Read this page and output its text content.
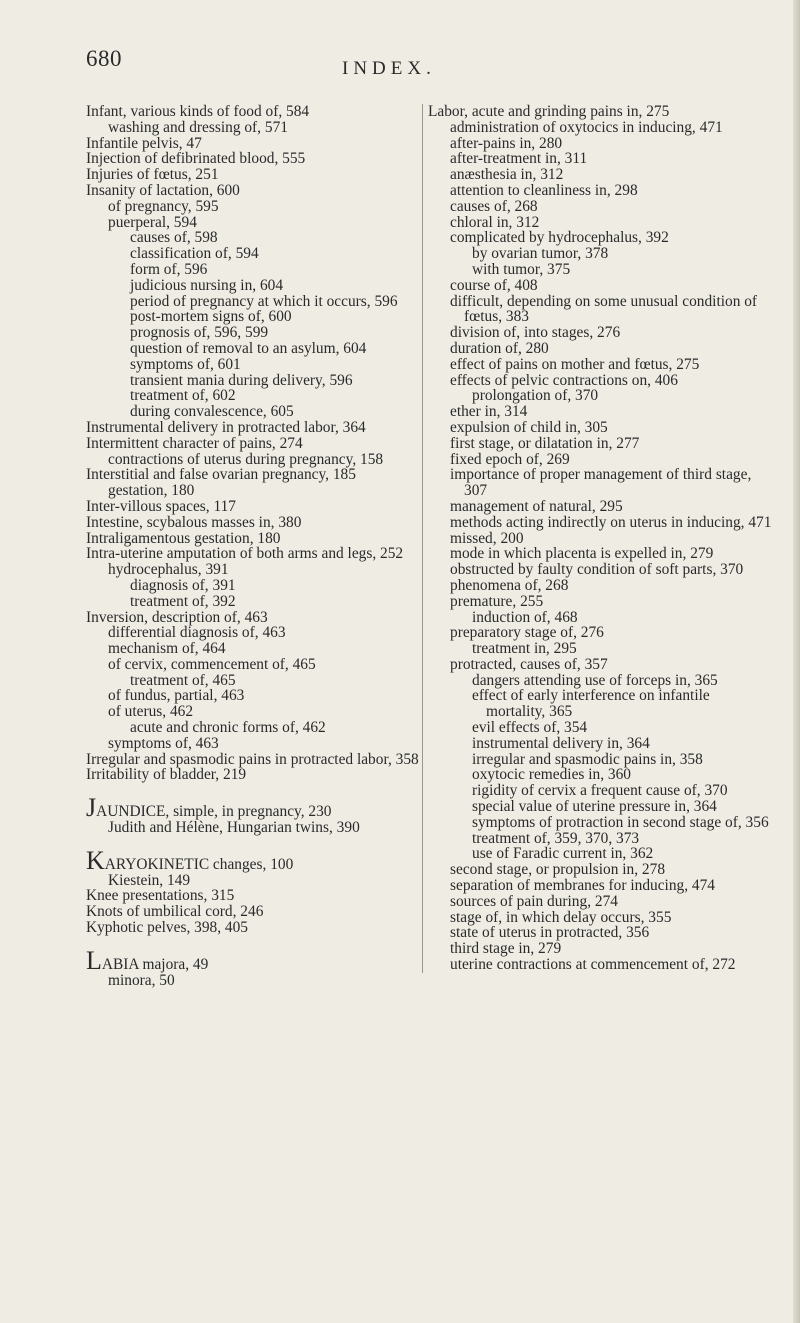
680	INDEX.

Infant, various kinds of food of, 584

washing and dressing of, 571

Infantile pelvis, 47

Injection of defibrinated blood, 555

Injuries of fœtus, 251

Insanity of lactation, 600

of pregnancy, 595

puerperal, 594

causes of, 598

classification of, 594

form of, 596

judicious nursing in, 604

period of pregnancy at which it occurs, 596

post-mortem signs of, 600

prognosis of, 596, 599

question of removal to an asylum, 604

symptoms of, 601

transient mania during delivery, 596

treatment of, 602

during convalescence, 605

Instrumental delivery in protracted labor, 364

Intermittent character of pains, 274

contractions of uterus during pregnancy, 158

Interstitial and false ovarian pregnancy, 185

gestation, 180

Inter-villous spaces, 117

Intestine, scybalous masses in, 380

Intraligamentous gestation, 180

Intra-uterine amputation of both arms and legs, 252

hydrocephalus, 391

diagnosis of, 391

treatment of, 392

Inversion, description of, 463

differential diagnosis of, 463

mechanism of, 464

of cervix, commencement of, 465

treatment of, 465

of fundus, partial, 463

of uterus, 462

acute and chronic forms of, 462

symptoms of, 463

Irregular and spasmodic pains in protracted labor, 358

Irritability of bladder, 219

JAUNDICE, simple, in pregnancy, 230

Judith and Hélène, Hungarian twins, 390

KARYOKINETIC changes, 100

Kiestein, 149

Knee presentations, 315

Knots of umbilical cord, 246

Kyphotic pelves, 398, 405

LABIA majora, 49

minora, 50

Labor, acute and grinding pains in, 275

administration of oxytocics in inducing, 471

after-pains in, 280

after-treatment in, 311

anæsthesia in, 312

attention to cleanliness in, 298

causes of, 268

chloral in, 312

complicated by hydrocephalus, 392

by ovarian tumor, 378

with tumor, 375

course of, 408

difficult, depending on some unusual condition of fœtus, 383

division of, into stages, 276

duration of, 280

effect of pains on mother and fœtus, 275

effects of pelvic contractions on, 406

prolongation of, 370

ether in, 314

expulsion of child in, 305

first stage, or dilatation in, 277

fixed epoch of, 269

importance of proper management of third stage, 307

management of natural, 295

methods acting indirectly on uterus in inducing, 471

missed, 200

mode in which placenta is expelled in, 279

obstructed by faulty condition of soft parts, 370

phenomena of, 268

premature, 255

induction of, 468

preparatory stage of, 276

treatment in, 295

protracted, causes of, 357

dangers attending use of forceps in, 365

effect of early interference on infantile mortality, 365

evil effects of, 354

instrumental delivery in, 364

irregular and spasmodic pains in, 358

oxytocic remedies in, 360

rigidity of cervix a frequent cause of, 370

special value of uterine pressure in, 364

symptoms of protraction in second stage of, 356

treatment of, 359, 370, 373

use of Faradic current in, 362

second stage, or propulsion in, 278

separation of membranes for inducing, 474

sources of pain during, 274

stage of, in which delay occurs, 355

state of uterus in protracted, 356

third stage in, 279

uterine contractions at commencement of, 272
